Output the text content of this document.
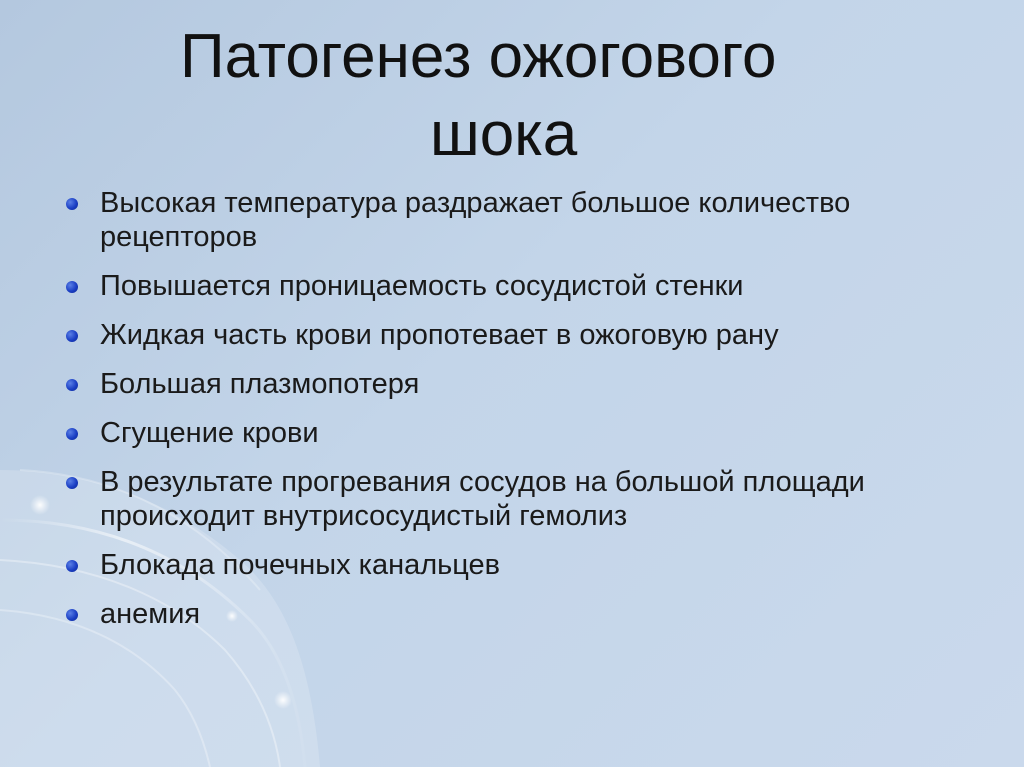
Патогенез ожогового
шока
Высокая температура раздражает большое количество рецепторов
Повышается проницаемость сосудистой стенки
Жидкая часть крови пропотевает в ожоговую рану
Большая плазмопотеря
Сгущение крови
В результате прогревания сосудов на большой площади происходит внутрисосудистый гемолиз
Блокада почечных канальцев
анемия
